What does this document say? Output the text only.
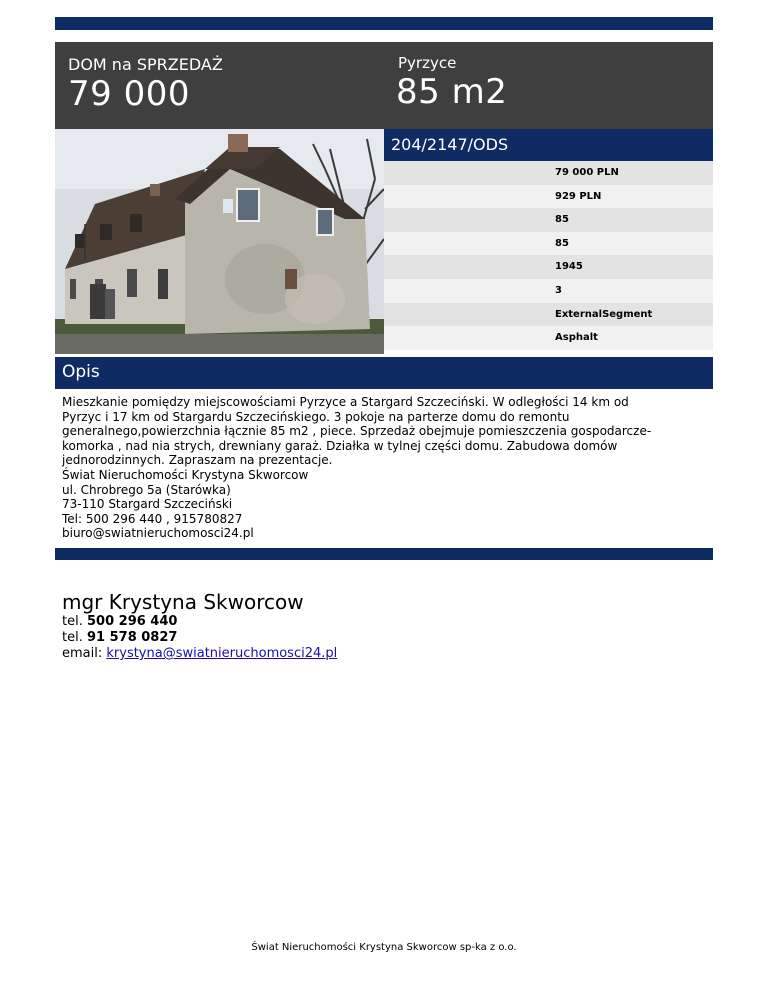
DOM na SPRZEDAŻ
79 000
Pyrzyce
85 m2
204/2147/ODS
79 000 PLN
929 PLN
85
85
1945
3
ExternalSegment
Asphalt
Opis
Mieszkanie pomiędzy miejscowościami Pyrzyce a Stargard Szczeciński. W odległości 14 km od
Pyrzyc i 17 km od Stargardu Szczecińskiego. 3 pokoje na parterze domu do remontu
generalnego,powierzchnia łącznie 85 m2 , piece. Sprzedaż obejmuje pomieszczenia gospodarcze-
komorka , nad nia strych, drewniany garaż. Działka w tylnej części domu. Zabudowa domów
jednorodzinnych. Zapraszam na prezentacje.
Świat Nieruchomości Krystyna Skworcow
ul. Chrobrego 5a (Starówka)
73-110 Stargard Szczeciński
Tel: 500 296 440 , 915780827
biuro@swiatnieruchomosci24.pl
mgr Krystyna Skworcow
tel. 500 296 440
tel. 91 578 0827
email: krystyna@swiatnieruchomosci24.pl
Świat Nieruchomości Krystyna Skworcow sp-ka z o.o.
